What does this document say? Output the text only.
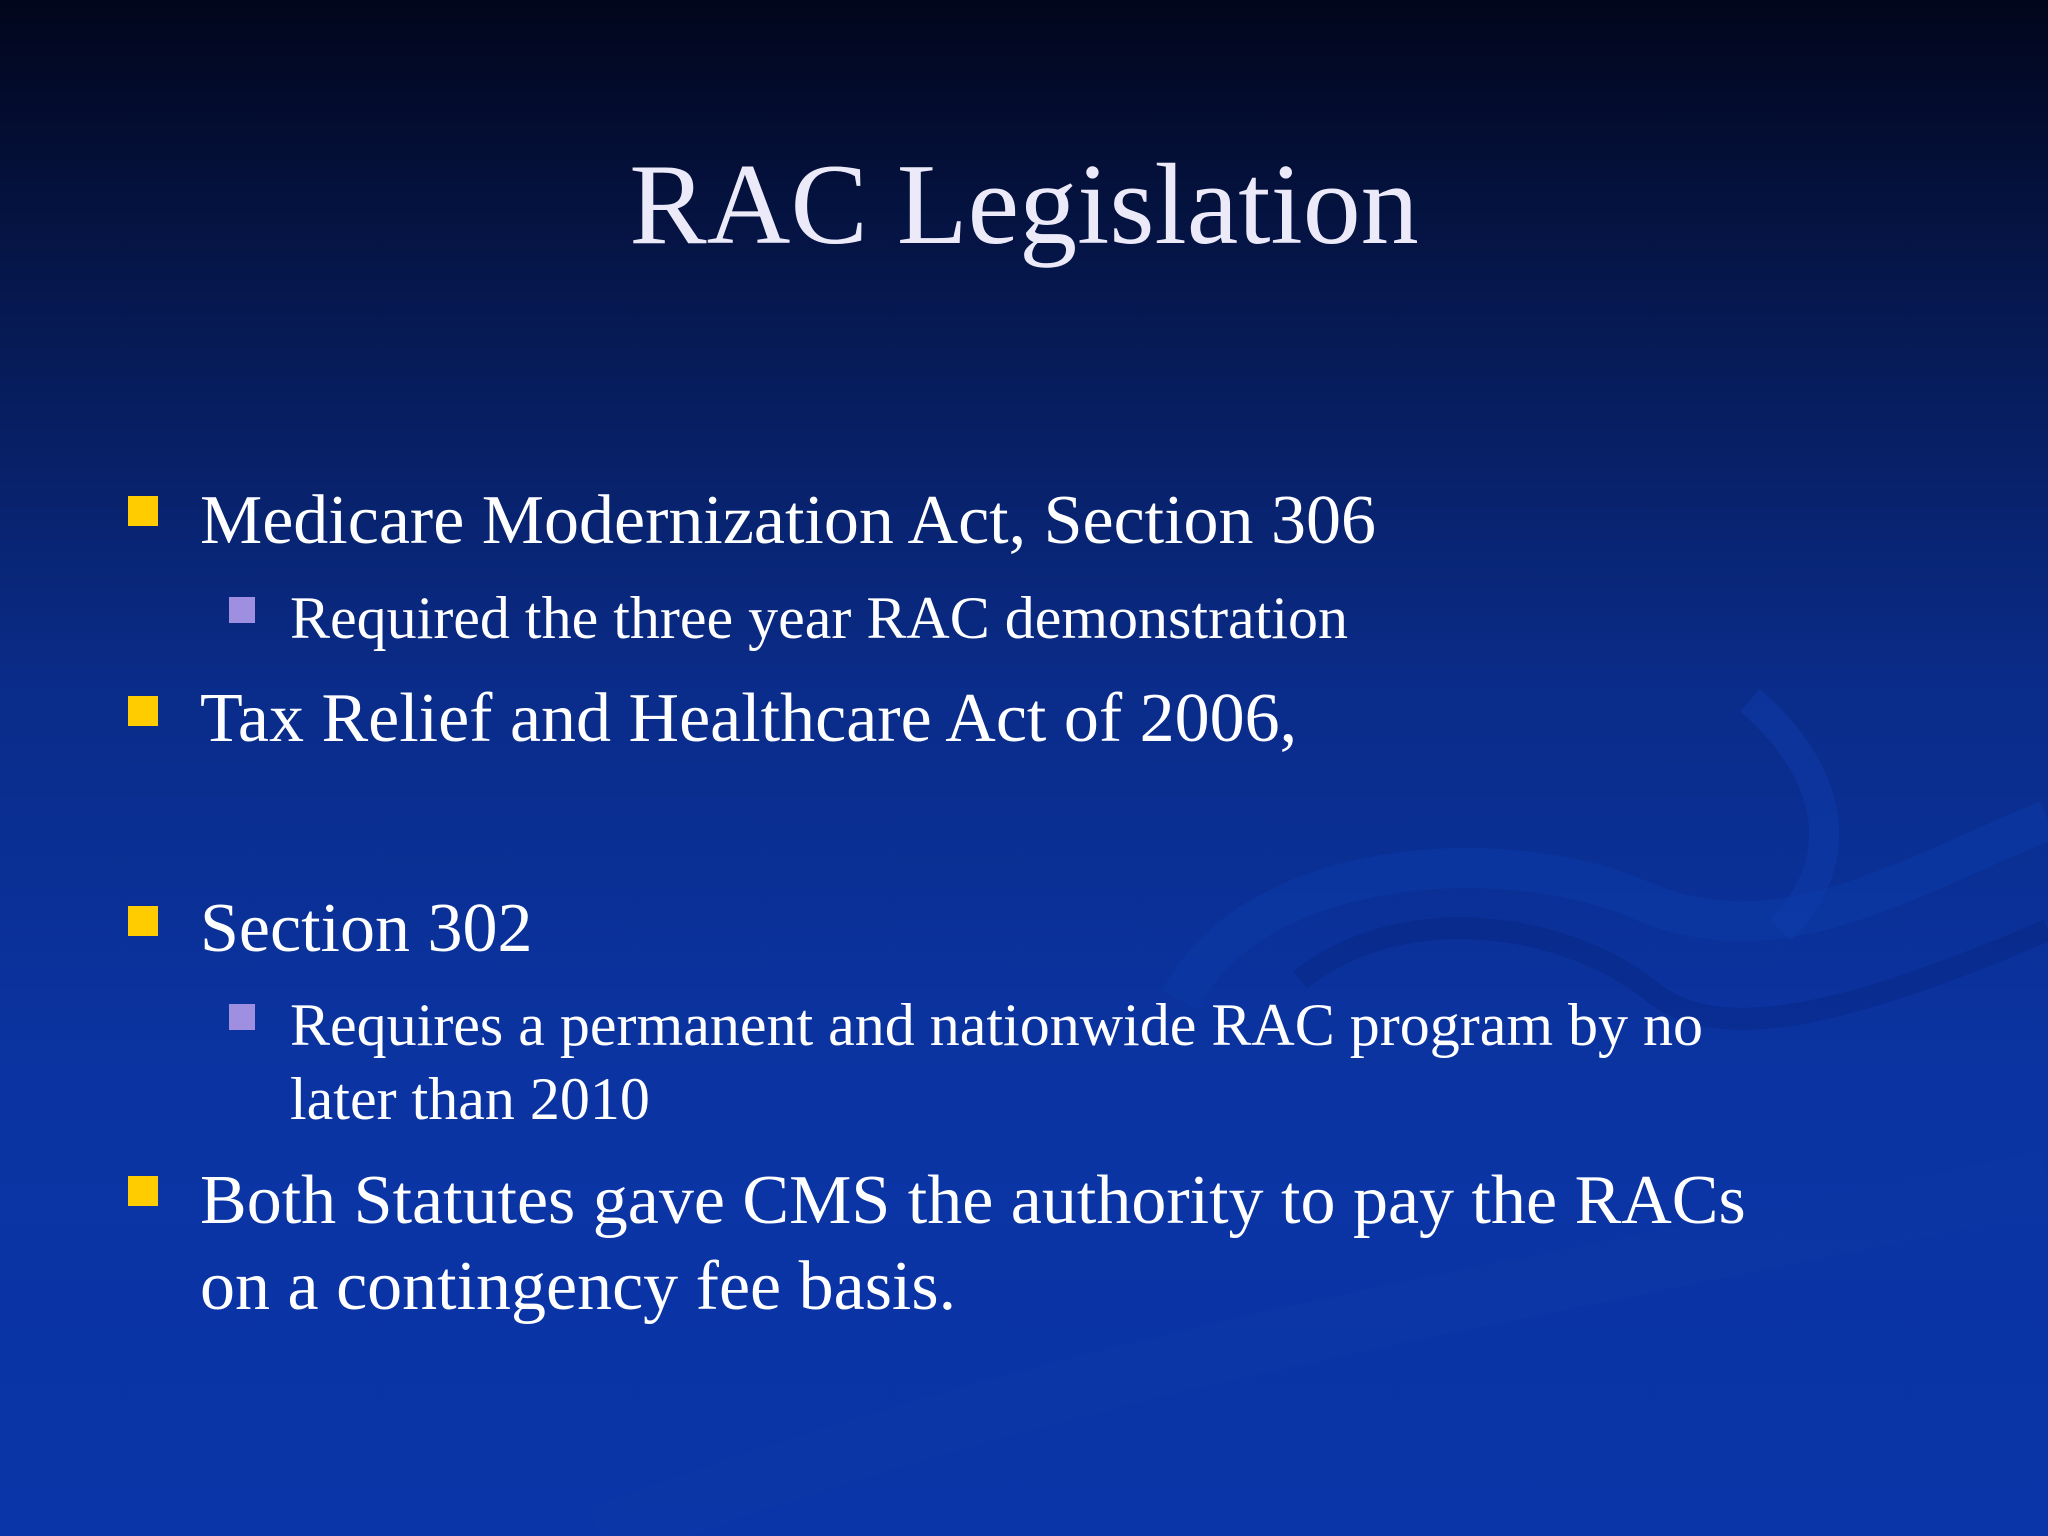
RAC Legislation
Medicare Modernization Act, Section 306
Required the three year RAC demonstration
Tax Relief and Healthcare Act of 2006,
Section 302
Requires a permanent and nationwide RAC program by no
later than 2010
Both Statutes gave CMS the authority to pay the RACs
on a contingency fee basis.
